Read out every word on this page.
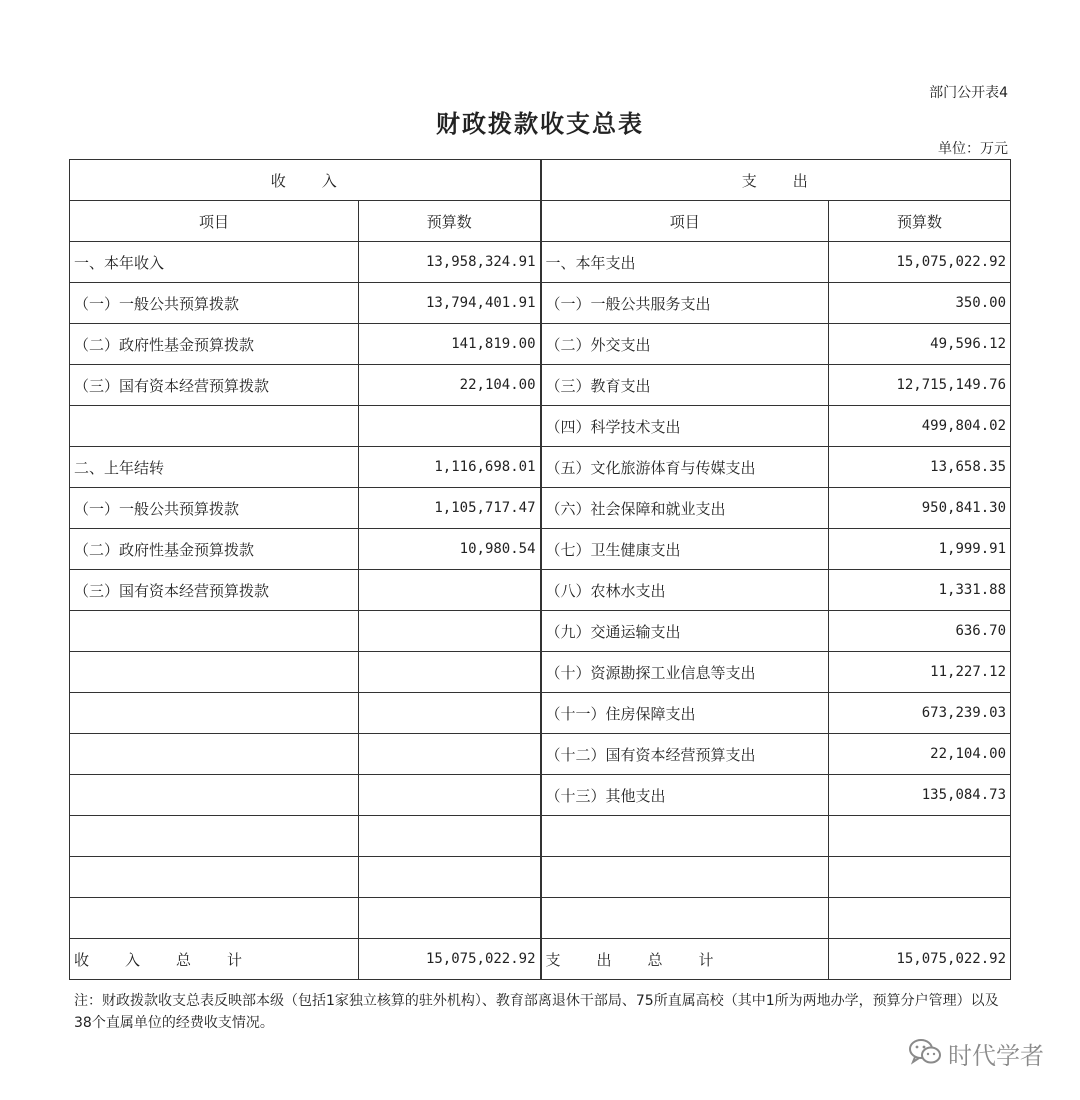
部门公开表4
财政拨款收支总表
单位：万元
收　　入		支　　出	
项目	预算数	项目	预算数
一、本年收入	13,958,324.91	一、本年支出	15,075,022.92
（一）一般公共预算拨款	13,794,401.91	（一）一般公共服务支出	350.00
（二）政府性基金预算拨款	141,819.00	（二）外交支出	49,596.12
（三）国有资本经营预算拨款	22,104.00	（三）教育支出	12,715,149.76
		（四）科学技术支出	499,804.02
二、上年结转	1,116,698.01	（五）文化旅游体育与传媒支出	13,658.35
（一）一般公共预算拨款	1,105,717.47	（六）社会保障和就业支出	950,841.30
（二）政府性基金预算拨款	10,980.54	（七）卫生健康支出	1,999.91
（三）国有资本经营预算拨款		（八）农林水支出	1,331.88
		（九）交通运输支出	636.70
		（十）资源勘探工业信息等支出	11,227.12
		（十一）住房保障支出	673,239.03
		（十二）国有资本经营预算支出	22,104.00
		（十三）其他支出	135,084.73

收　　入　　总　　计	15,075,022.92	支　　出　　总　　计	15,075,022.92
注：财政拨款收支总表反映部本级（包括1家独立核算的驻外机构）、教育部离退休干部局、75所直属高校（其中1所为两地办学，预算分户管理）以及38个直属单位的经费收支情况。
时代学者
